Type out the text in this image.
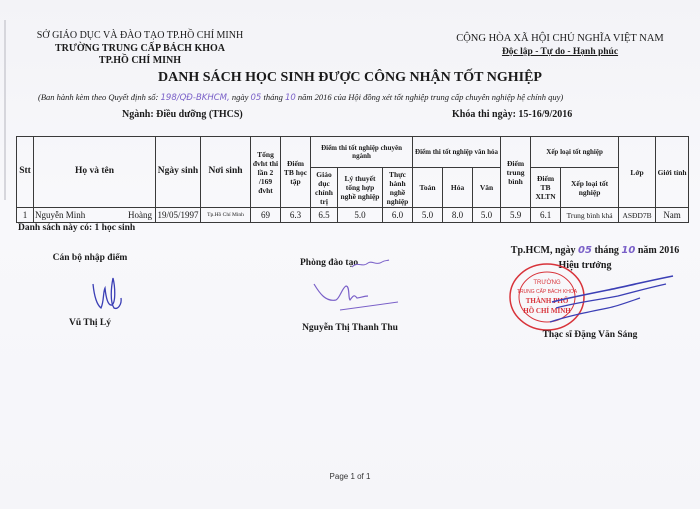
SỞ GIÁO DỤC VÀ ĐÀO TẠO TP.HỒ CHÍ MINH
TRƯỜNG TRUNG CẤP BÁCH KHOA
TP.HỒ CHÍ MINH
CỘNG HÒA XÃ HỘI CHỦ NGHĨA VIỆT NAM
Độc lập - Tự do - Hạnh phúc
DANH SÁCH HỌC SINH ĐƯỢC CÔNG NHẬN TỐT NGHIỆP
(Ban hành kèm theo Quyết định số: 198/QĐ-BKHCM, ngày 05 tháng 10 năm 2016 của Hội đồng xét tốt nghiệp trung cấp chuyên nghiệp hệ chính quy)
Ngành: Điều dưỡng (THCS)	Khóa thi ngày: 15-16/9/2016
Stt	Họ và tên	Ngày sinh	Nơi sinh	Tổng đvht thi lần 2 /169 đvht	Điểm TB học tập	Điểm thi tốt nghiệp chuyên ngành			Điểm thi tốt nghiệp văn hóa			Điểm trung bình	Xếp loại tốt nghiệp		Lớp	Giới tính
						Giáo dục chính trị	Lý thuyết tổng hợp nghề nghiệp	Thực hành nghề nghiệp	Toán	Hóa	Văn		Điểm TB XLTN	Xếp loại tốt nghiệp		
1	Nguyễn Minh Hoàng	19/05/1997	Tp.Hồ Chí Minh	69	6.3	6.5	5.0	6.0	5.0	8.0	5.0	5.9	6.1	Trung bình khá	ASĐD7B	Nam
Danh sách này có: 1 học sinh
Cán bộ nhập điểm
Vũ Thị Lý
Phòng đào tạo
Nguyễn Thị Thanh Thu
Tp.HCM, ngày 05 tháng 10 năm 2016
Hiệu trưởng
TRƯỜNG
TRUNG CẤP BÁCH KHOA
THÀNH PHỐ
HỒ CHÍ MINH
Thạc sĩ Đặng Văn Sáng
Page 1 of 1
